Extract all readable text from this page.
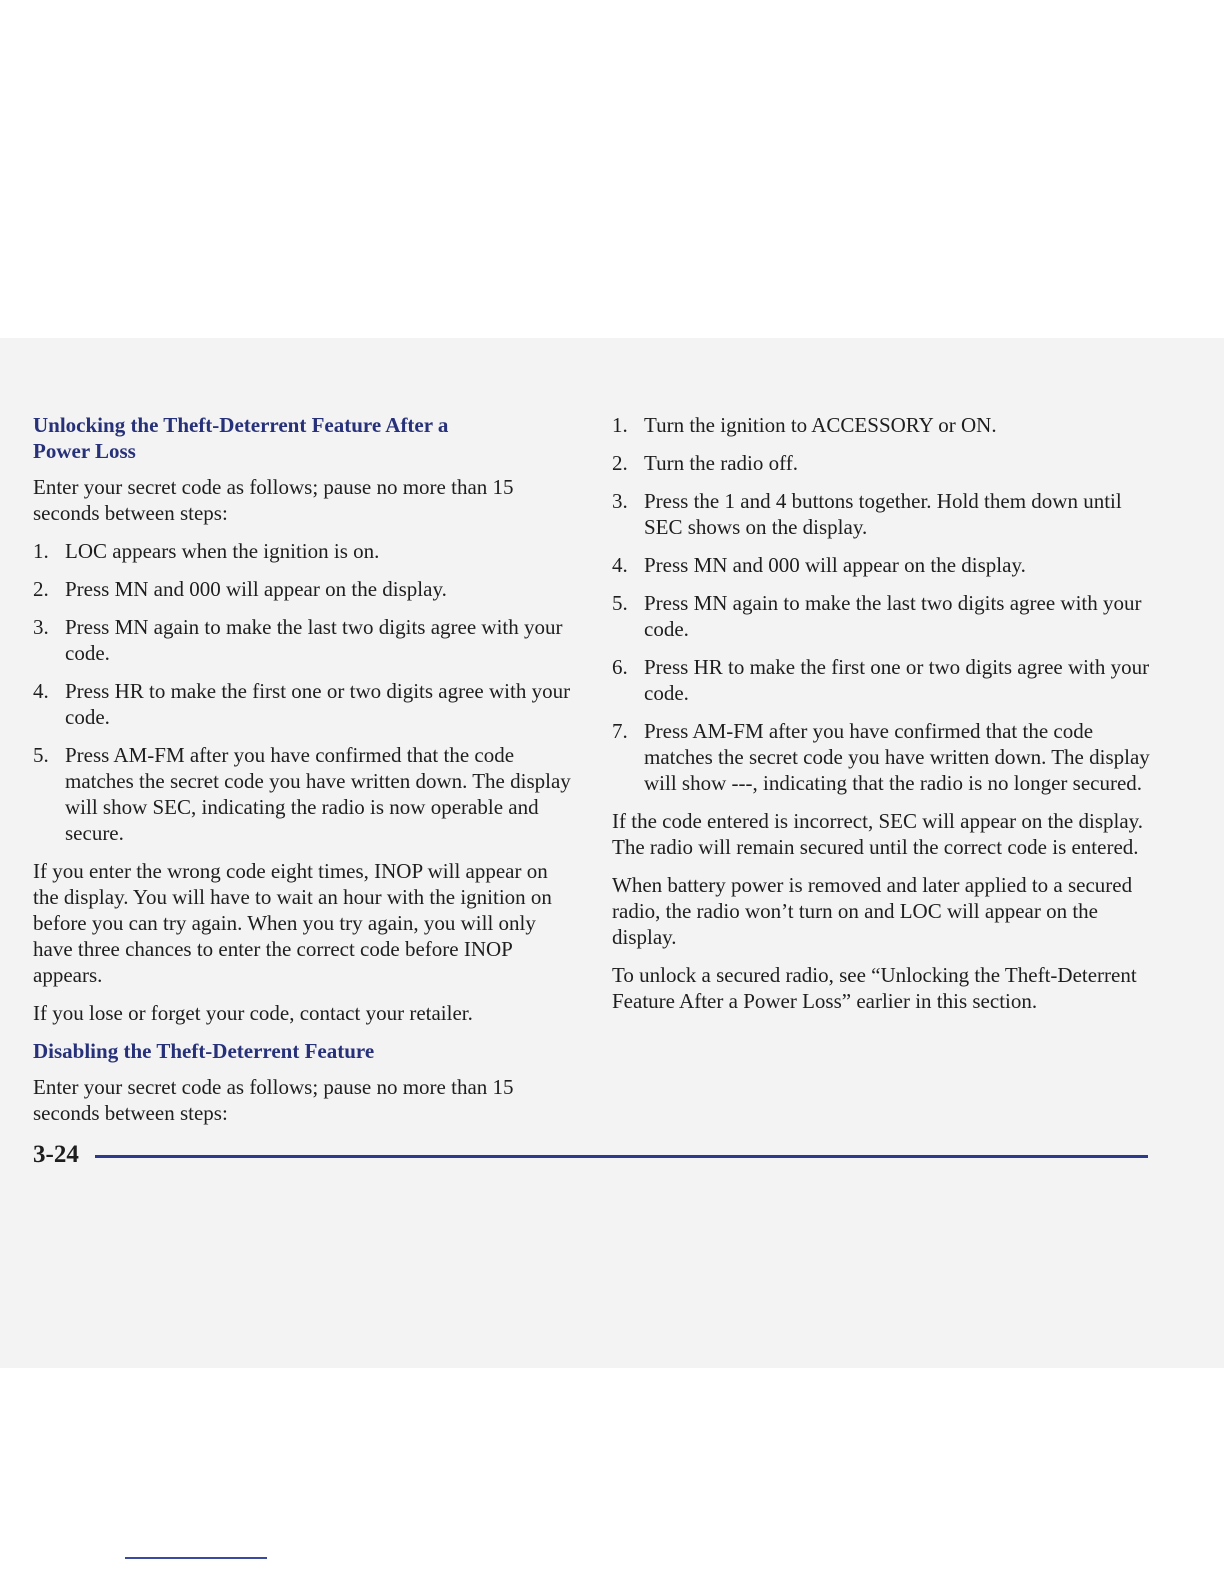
Unlocking the Theft-Deterrent Feature After a
Power Loss

Enter your secret code as follows; pause no more than 15 seconds between steps:

1. LOC appears when the ignition is on.
2. Press MN and 000 will appear on the display.
3. Press MN again to make the last two digits agree with your code.
4. Press HR to make the first one or two digits agree with your code.
5. Press AM-FM after you have confirmed that the code matches the secret code you have written down. The display will show SEC, indicating the radio is now operable and secure.

If you enter the wrong code eight times, INOP will appear on the display. You will have to wait an hour with the ignition on before you can try again. When you try again, you will only have three chances to enter the correct code before INOP appears.

If you lose or forget your code, contact your retailer.

Disabling the Theft-Deterrent Feature

Enter your secret code as follows; pause no more than 15 seconds between steps:

1. Turn the ignition to ACCESSORY or ON.
2. Turn the radio off.
3. Press the 1 and 4 buttons together. Hold them down until SEC shows on the display.
4. Press MN and 000 will appear on the display.
5. Press MN again to make the last two digits agree with your code.
6. Press HR to make the first one or two digits agree with your code.
7. Press AM-FM after you have confirmed that the code matches the secret code you have written down. The display will show ---, indicating that the radio is no longer secured.

If the code entered is incorrect, SEC will appear on the display. The radio will remain secured until the correct code is entered.

When battery power is removed and later applied to a secured radio, the radio won’t turn on and LOC will appear on the display.

To unlock a secured radio, see “Unlocking the Theft-Deterrent Feature After a Power Loss” earlier in this section.

3-24
